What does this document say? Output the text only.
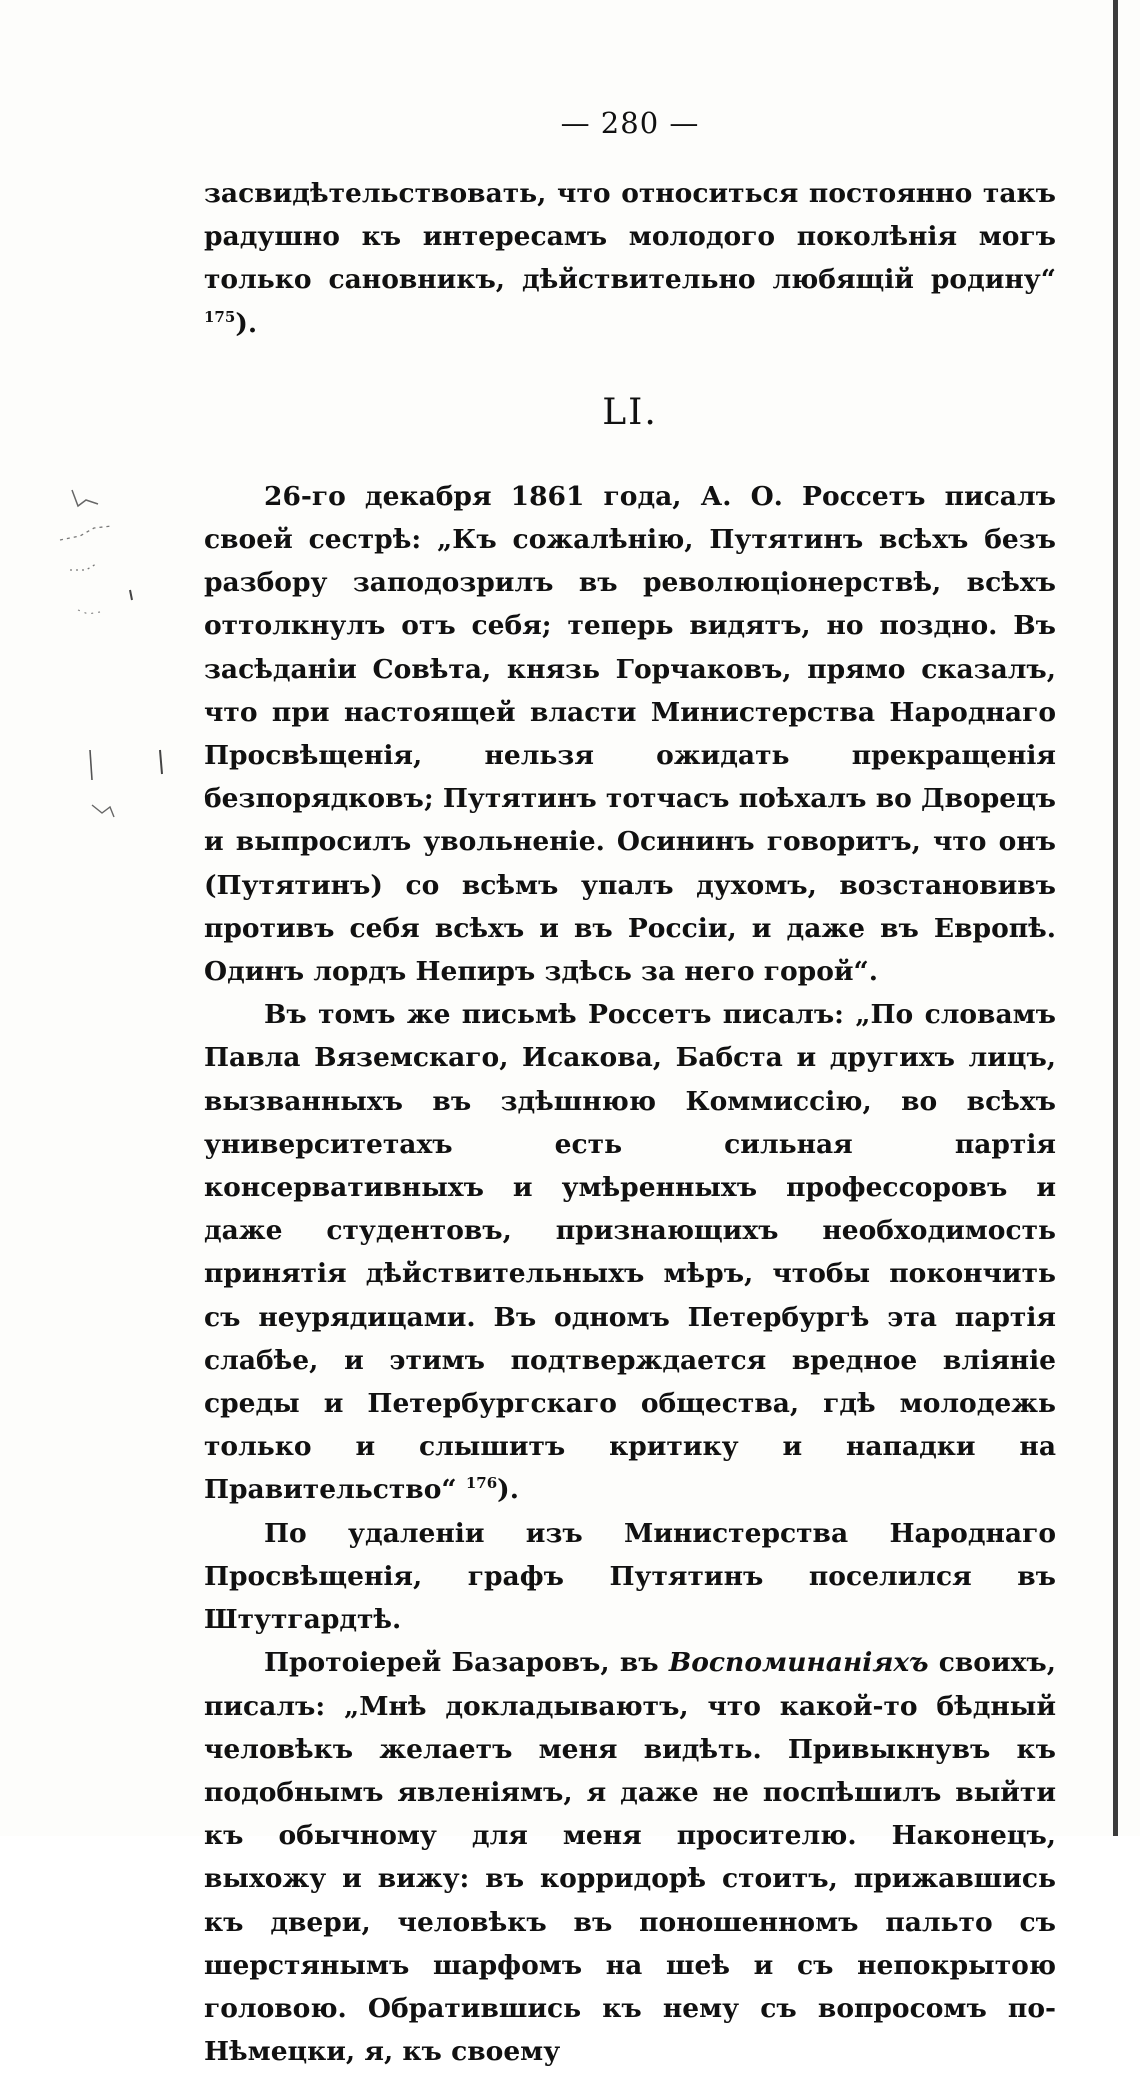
— 280 —

засвидѣтельствовать, что относиться постоянно такъ радушно къ интересамъ молодого поколѣнія могъ только сановникъ, дѣйствительно любящій родину“ $^{175}$).

LI.

26-го декабря 1861 года, А. О. Россетъ писалъ своей сестрѣ: „Къ сожалѣнію, Путятинъ всѣхъ безъ разбору заподозрилъ въ революціонерствѣ, всѣхъ оттолкнулъ отъ себя; теперь видятъ, но поздно. Въ засѣданіи Совѣта, князь Горчаковъ, прямо сказалъ, что при настоящей власти Министерства Народнаго Просвѣщенія, нельзя ожидать прекращенія безпорядковъ; Путятинъ тотчасъ поѣхалъ во Дворецъ и выпросилъ увольненіе. Осининъ говоритъ, что онъ (Путятинъ) со всѣмъ упалъ духомъ, возстановивъ противъ себя всѣхъ и въ Россіи, и даже въ Европѣ. Одинъ лордъ Непиръ здѣсь за него горой“.

Въ томъ же письмѣ Россетъ писалъ: „По словамъ Павла Вяземскаго, Исакова, Бабста и другихъ лицъ, вызванныхъ въ здѣшнюю Коммиссію, во всѣхъ университетахъ есть сильная партія консервативныхъ и умѣренныхъ профессоровъ и даже студентовъ, признающихъ необходимость принятія дѣйствительныхъ мѣръ, чтобы покончить съ неурядицами. Въ одномъ Петербургѣ эта партія слабѣе, и этимъ подтверждается вредное вліяніе среды и Петербургскаго общества, гдѣ молодежь только и слышитъ критику и нападки на Правительство“ $^{176}$).

По удаленіи изъ Министерства Народнаго Просвѣщенія, графъ Путятинъ поселился въ Штутгардтѣ.

Протоіерей Базаровъ, въ Воспоминаніяхъ своихъ, писалъ: „Мнѣ докладываютъ, что какой-то бѣдный человѣкъ желаетъ меня видѣть. Привыкнувъ къ подобнымъ явленіямъ, я даже не поспѣшилъ выйти къ обычному для меня просителю. Наконецъ, выхожу и вижу: въ корридорѣ стоитъ, прижавшись къ двери, человѣкъ въ поношенномъ пальто съ шерстянымъ шарфомъ на шеѣ и съ непокрытою головою. Обратившись къ нему съ вопросомъ по-Нѣмецки, я, къ своему
